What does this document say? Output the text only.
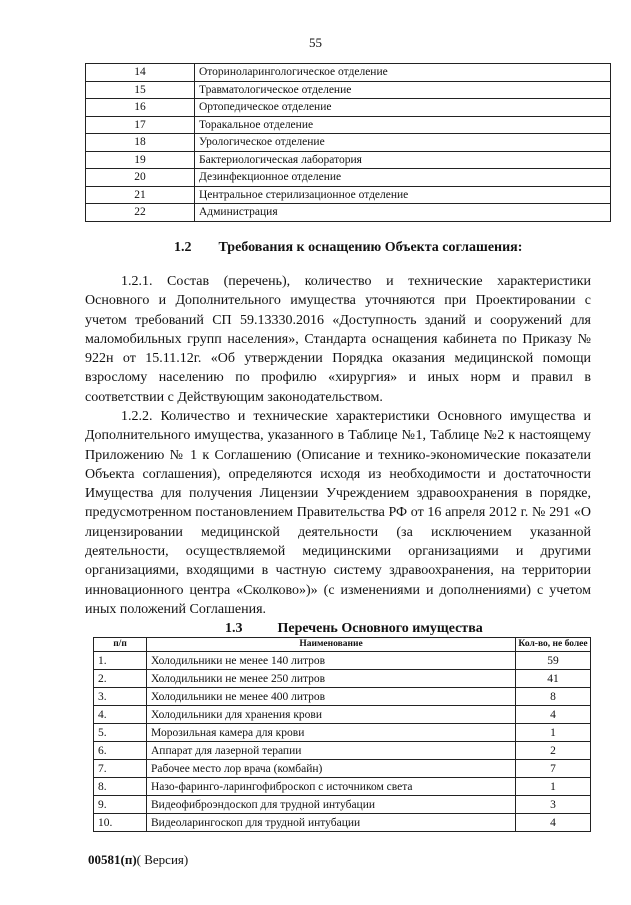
55
14	Оториноларингологическое отделение
15	Травматологическое отделение
16	Ортопедическое отделение
17	Торакальное отделение
18	Урологическое отделение
19	Бактериологическая лаборатория
20	Дезинфекционное отделение
21	Центральное стерилизационное отделение
22	Администрация
1.2 Требования к оснащению Объекта соглашения:

1.2.1. Состав (перечень), количество и технические характеристики Основного и Дополнительного имущества уточняются при Проектировании с учетом требований СП 59.13330.2016 «Доступность зданий и сооружений для маломобильных групп населения», Стандарта оснащения кабинета по Приказу № 922н от 15.11.12г. «Об утверждении Порядка оказания медицинской помощи взрослому населению по профилю «хирургия» и иных норм и правил в соответствии с Действующим законодательством.

1.2.2. Количество и технические характеристики Основного имущества и Дополнительного имущества, указанного в Таблице №1, Таблице №2 к настоящему Приложению № 1 к Соглашению (Описание и технико-экономические показатели Объекта соглашения), определяются исходя из необходимости и достаточности Имущества для получения Лицензии Учреждением здравоохранения в порядке, предусмотренном постановлением Правительства РФ от 16 апреля 2012 г. № 291 «О лицензировании медицинской деятельности (за исключением указанной деятельности, осуществляемой медицинскими организациями и другими организациями, входящими в частную систему здравоохранения, на территории инновационного центра «Сколково»)» (с изменениями и дополнениями) с учетом иных положений Соглашения.

1.3	Перечень Основного имущества
п/п	Наименование	Кол-во, не более
1.	Холодильники не менее 140 литров	59
2.	Холодильники не менее 250 литров	41
3.	Холодильники не менее 400 литров	8
4.	Холодильники для хранения крови	4
5.	Морозильная камера для крови	1
6.	Аппарат для лазерной терапии	2
7.	Рабочее место лор врача (комбайн)	7
8.	Назо-фаринго-ларингофиброскоп с источником света	1
9.	Видеофиброэндоскоп для трудной интубации	3
10.	Видеоларингоскоп для трудной интубации	4
00581(п)( Версия)
